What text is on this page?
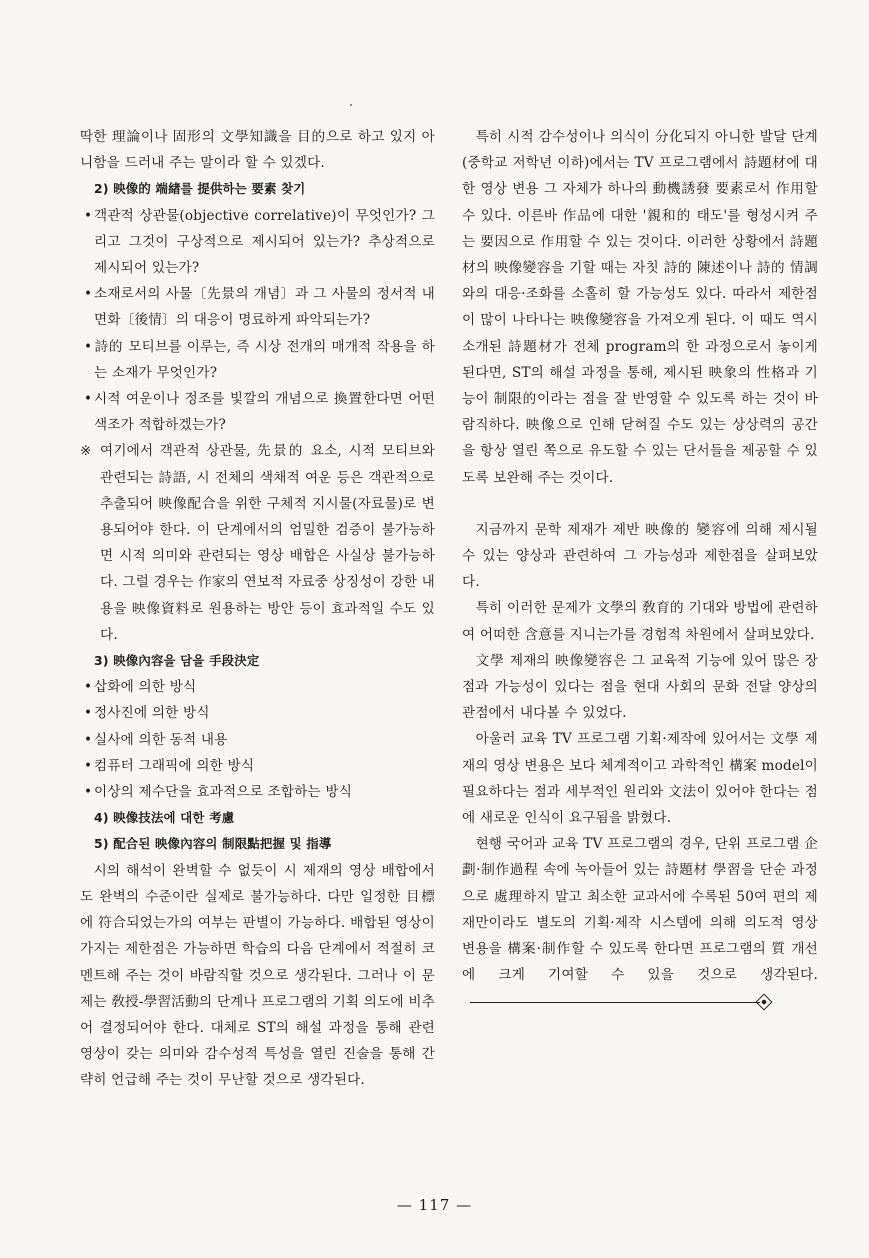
딱한 理論이나 固形의 文學知識을 目的으로 하고 있지 아니함을 드러내 주는 말이라 할 수 있겠다.

2) 映像的 端緖를 提供하는 要素 찾기
• 객관적 상관물(objective correlative)이 무엇인가? 그리고 그것이 구상적으로 제시되어 있는가? 추상적으로 제시되어 있는가?
• 소재로서의 사물〔先景의 개념〕과 그 사물의 정서적 내면화〔後情〕의 대응이 명료하게 파악되는가?
• 詩的 모티브를 이루는, 즉 시상 전개의 매개적 작용을 하는 소재가 무엇인가?
• 시적 여운이나 정조를 빛깔의 개념으로 換置한다면 어떤 색조가 적합하겠는가?
※ 여기에서 객관적 상관물, 先景的 요소, 시적 모티브와 관련되는 詩語, 시 전체의 색채적 여운 등은 객관적으로 추출되어 映像配合을 위한 구체적 지시물(자료물)로 변용되어야 한다. 이 단계에서의 엄밀한 검증이 불가능하면 시적 의미와 관련되는 영상 배합은 사실상 불가능하다. 그럴 경우는 作家의 연보적 자료중 상징성이 강한 내용을 映像資料로 원용하는 방안 등이 효과적일 수도 있다.
3) 映像內容을 담을 手段決定
• 삽화에 의한 방식
• 정사진에 의한 방식
• 실사에 의한 동적 내용
• 컴퓨터 그래픽에 의한 방식
• 이상의 제수단을 효과적으로 조합하는 방식
4) 映像技法에 대한 考慮
5) 配合된 映像內容의 制限點把握 및 指導

시의 해석이 완벽할 수 없듯이 시 제재의 영상 배합에서도 완벽의 수준이란 실제로 불가능하다. 다만 일정한 目標에 符合되었는가의 여부는 판별이 가능하다. 배합된 영상이 가지는 제한점은 가능하면 학습의 다음 단계에서 적절히 코멘트해 주는 것이 바람직할 것으로 생각된다. 그러나 이 문제는 敎授-學習活動의 단계나 프로그램의 기획 의도에 비추어 결정되어야 한다. 대체로 ST의 해설 과정을 통해 관련 영상이 갖는 의미와 감수성적 특성을 열린 진술을 통해 간략히 언급해 주는 것이 무난할 것으로 생각된다.

특히 시적 감수성이나 의식이 分化되지 아니한 발달 단계 (중학교 저학년 이하)에서는 TV 프로그램에서 詩題材에 대한 영상 변용 그 자체가 하나의 動機誘發 要素로서 作用할 수 있다. 이른바 作品에 대한 '親和的 태도'를 형성시켜 주는 要因으로 作用할 수 있는 것이다. 이러한 상황에서 詩題材의 映像變容을 기할 때는 자칫 詩的 陳述이나 詩的 情調와의 대응·조화를 소홀히 할 가능성도 있다. 따라서 제한점이 많이 나타나는 映像變容을 가져오게 된다. 이 때도 역시 소개된 詩題材가 전체 program의 한 과정으로서 놓이게 된다면, ST의 해설 과정을 통해, 제시된 映象의 性格과 기능이 制限的이라는 점을 잘 반영할 수 있도록 하는 것이 바람직하다. 映像으로 인해 닫혀질 수도 있는 상상력의 공간을 항상 열린 쪽으로 유도할 수 있는 단서들을 제공할 수 있도록 보완해 주는 것이다.

지금까지 문학 제재가 제반 映像的 變容에 의해 제시될 수 있는 양상과 관련하여 그 가능성과 제한점을 살펴보았다.

특히 이러한 문제가 文學의 敎育的 기대와 방법에 관련하여 어떠한 含意를 지니는가를 경험적 차원에서 살펴보았다.

文學 제재의 映像變容은 그 교육적 기능에 있어 많은 장점과 가능성이 있다는 점을 현대 사회의 문화 전달 양상의 관점에서 내다볼 수 있었다.

아울러 교육 TV 프로그램 기획·제작에 있어서는 文學 제재의 영상 변용은 보다 체계적이고 과학적인 構案 model이 필요하다는 점과 세부적인 원리와 文法이 있어야 한다는 점에 새로운 인식이 요구됨을 밝혔다.

현행 국어과 교육 TV 프로그램의 경우, 단위 프로그램 企劃·制作過程 속에 녹아들어 있는 詩題材 學習을 단순 과정으로 處理하지 말고 최소한 교과서에 수록된 50여 편의 제재만이라도 별도의 기획·제작 시스템에 의해 의도적 영상 변용을 構案·制作할 수 있도록 한다면 프로그램의 質 개선에 크게 기여할 수 있을 것으로 생각된다.

— 117 —
